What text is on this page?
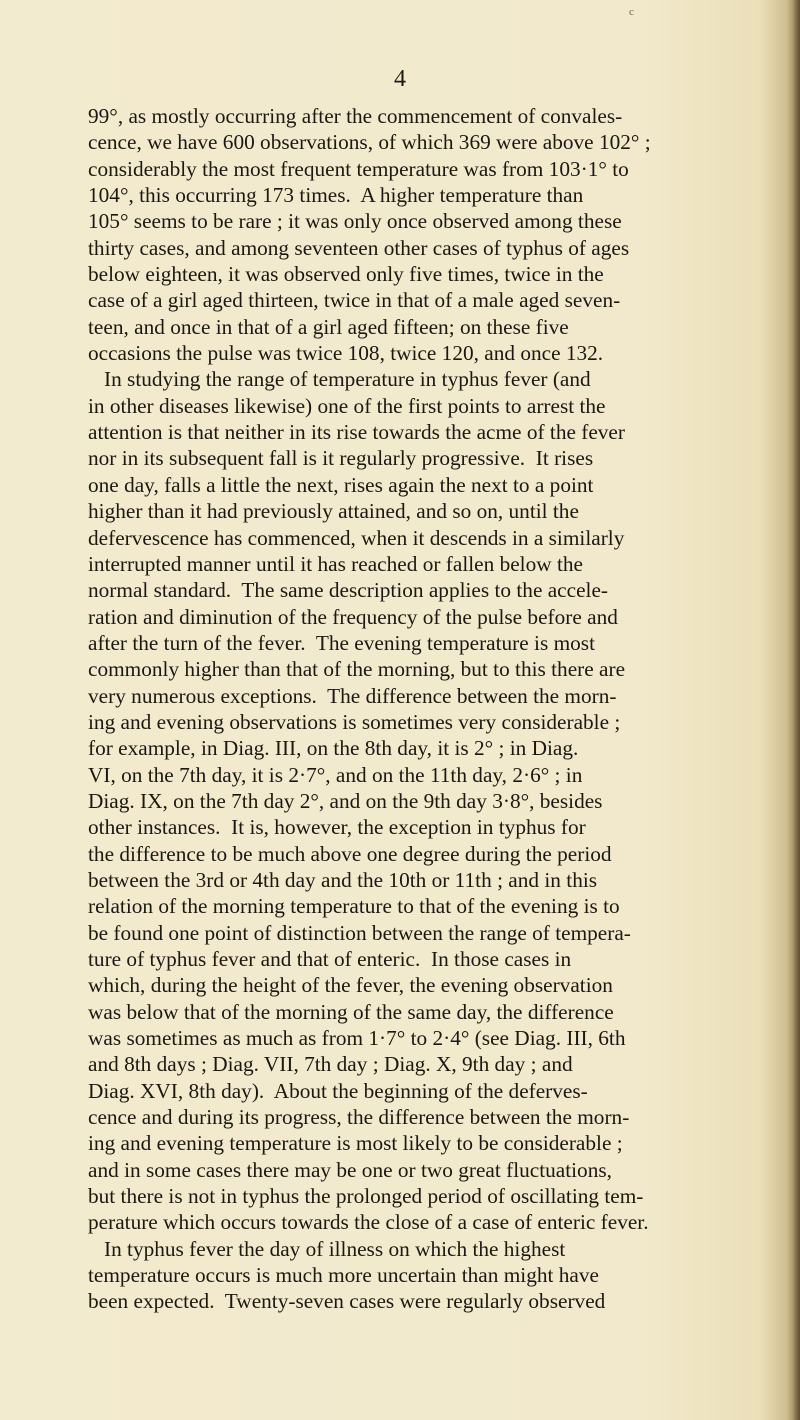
c
4
99°, as mostly occurring after the commencement of convales-
cence, we have 600 observations, of which 369 were above 102° ;
considerably the most frequent temperature was from 103·1° to
104°, this occurring 173 times.  A higher temperature than
105° seems to be rare ; it was only once observed among these
thirty cases, and among seventeen other cases of typhus of ages
below eighteen, it was observed only five times, twice in the
case of a girl aged thirteen, twice in that of a male aged seven-
teen, and once in that of a girl aged fifteen; on these five
occasions the pulse was twice 108, twice 120, and once 132.
In studying the range of temperature in typhus fever (and
in other diseases likewise) one of the first points to arrest the
attention is that neither in its rise towards the acme of the fever
nor in its subsequent fall is it regularly progressive.  It rises
one day, falls a little the next, rises again the next to a point
higher than it had previously attained, and so on, until the
defervescence has commenced, when it descends in a similarly
interrupted manner until it has reached or fallen below the
normal standard.  The same description applies to the accele-
ration and diminution of the frequency of the pulse before and
after the turn of the fever.  The evening temperature is most
commonly higher than that of the morning, but to this there are
very numerous exceptions.  The difference between the morn-
ing and evening observations is sometimes very considerable ;
for example, in Diag. III, on the 8th day, it is 2° ; in Diag.
VI, on the 7th day, it is 2·7°, and on the 11th day, 2·6° ; in
Diag. IX, on the 7th day 2°, and on the 9th day 3·8°, besides
other instances.  It is, however, the exception in typhus for
the difference to be much above one degree during the period
between the 3rd or 4th day and the 10th or 11th ; and in this
relation of the morning temperature to that of the evening is to
be found one point of distinction between the range of tempera-
ture of typhus fever and that of enteric.  In those cases in
which, during the height of the fever, the evening observation
was below that of the morning of the same day, the difference
was sometimes as much as from 1·7° to 2·4° (see Diag. III, 6th
and 8th days ; Diag. VII, 7th day ; Diag. X, 9th day ; and
Diag. XVI, 8th day).  About the beginning of the deferves-
cence and during its progress, the difference between the morn-
ing and evening temperature is most likely to be considerable ;
and in some cases there may be one or two great fluctuations,
but there is not in typhus the prolonged period of oscillating tem-
perature which occurs towards the close of a case of enteric fever.
In typhus fever the day of illness on which the highest
temperature occurs is much more uncertain than might have
been expected.  Twenty-seven cases were regularly observed
